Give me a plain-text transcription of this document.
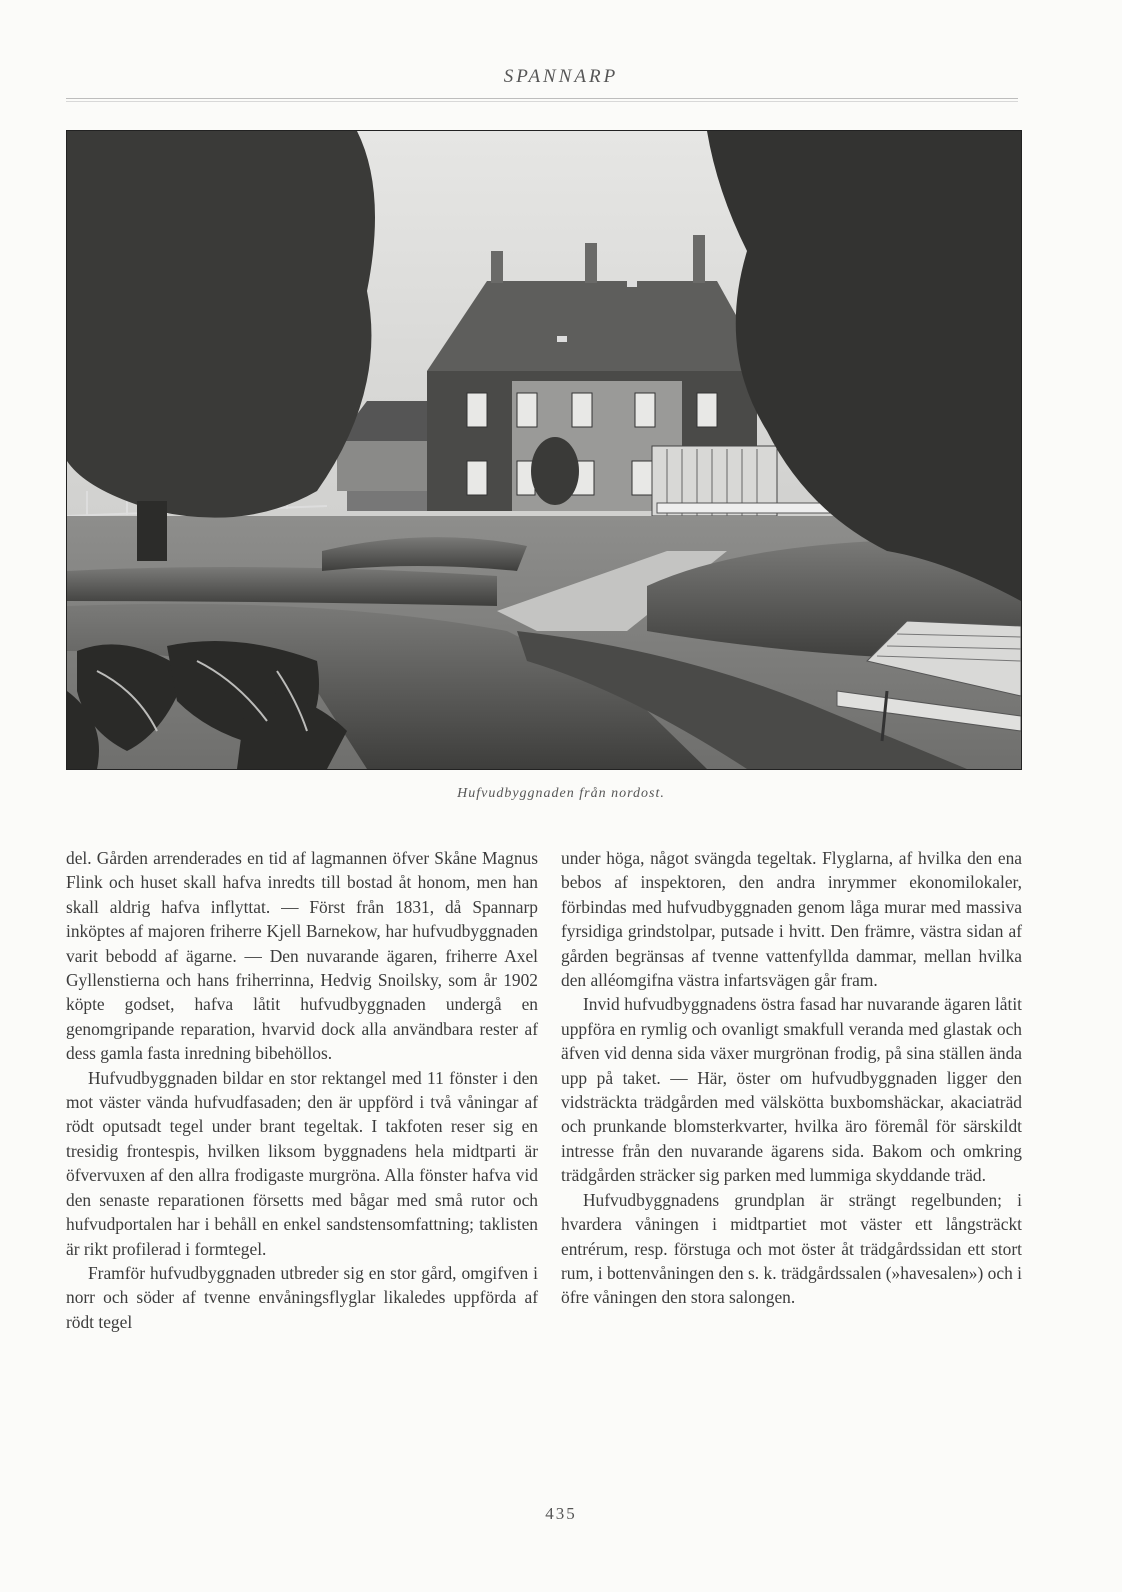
SPANNARP
Hufvudbyggnaden från nordost.

del. Gården arrenderades en tid af lagmannen öfver Skåne Magnus Flink och huset skall hafva inredts till bostad åt honom, men han skall aldrig hafva inflyttat. — Först från 1831, då Spannarp inköptes af majoren friherre Kjell Barnekow, har hufvudbyggnaden varit bebodd af ägarne. — Den nuvarande ägaren, friherre Axel Gyllenstierna och hans friherrinna, Hedvig Snoilsky, som år 1902 köpte godset, hafva låtit hufvudbyggnaden undergå en genomgripande reparation, hvarvid dock alla användbara rester af dess gamla fasta inredning bibehöllos.

Hufvudbyggnaden bildar en stor rektangel med 11 fönster i den mot väster vända hufvudfasaden; den är uppförd i två våningar af rödt oputsadt tegel under brant tegeltak. I takfoten reser sig en tresidig frontespis, hvilken liksom byggnadens hela midtparti är öfvervuxen af den allra frodigaste murgröna. Alla fönster hafva vid den senaste reparationen försetts med bågar med små rutor och hufvudportalen har i behåll en enkel sandstensomfattning; taklisten är rikt profilerad i formtegel.

Framför hufvudbyggnaden utbreder sig en stor gård, omgifven i norr och söder af tvenne envåningsflyglar likaledes uppförda af rödt tegel

under höga, något svängda tegeltak. Flyglarna, af hvilka den ena bebos af inspektoren, den andra inrymmer ekonomilokaler, förbindas med hufvudbyggnaden genom låga murar med massiva fyrsidiga grindstolpar, putsade i hvitt. Den främre, västra sidan af gården begränsas af tvenne vattenfyllda dammar, mellan hvilka den alléomgifna västra infartsvägen går fram.

Invid hufvudbyggnadens östra fasad har nuvarande ägaren låtit uppföra en rymlig och ovanligt smakfull veranda med glastak och äfven vid denna sida växer murgrönan frodig, på sina ställen ända upp på taket. — Här, öster om hufvudbyggnaden ligger den vidsträckta trädgården med välskötta buxbomshäckar, akaciaträd och prunkande blomsterkvarter, hvilka äro föremål för särskildt intresse från den nuvarande ägarens sida. Bakom och omkring trädgården sträcker sig parken med lummiga skyddande träd.

Hufvudbyggnadens grundplan är strängt regelbunden; i hvardera våningen i midtpartiet mot väster ett långsträckt entrérum, resp. förstuga och mot öster åt trädgårdssidan ett stort rum, i bottenvåningen den s. k. trädgårdssalen (»havesalen») och i öfre våningen den stora salongen.

435
